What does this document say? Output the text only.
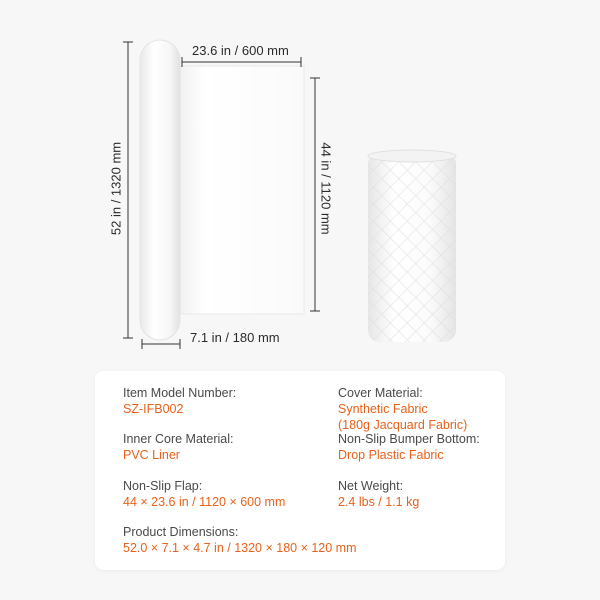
23.6 in / 600 mm
52 in / 1320 mm	44 in / 1120 mm
7.1 in / 180 mm
Item Model Number:
SZ-IFB002
Cover Material:
Synthetic Fabric
(180g Jacquard Fabric)
Inner Core Material:
PVC Liner
Non-Slip Bumper Bottom:
Drop Plastic Fabric
Non-Slip Flap:
44 × 23.6 in / 1120 × 600 mm
Net Weight:
2.4 lbs / 1.1 kg
Product Dimensions:
52.0 × 7.1 × 4.7 in / 1320 × 180 × 120 mm
